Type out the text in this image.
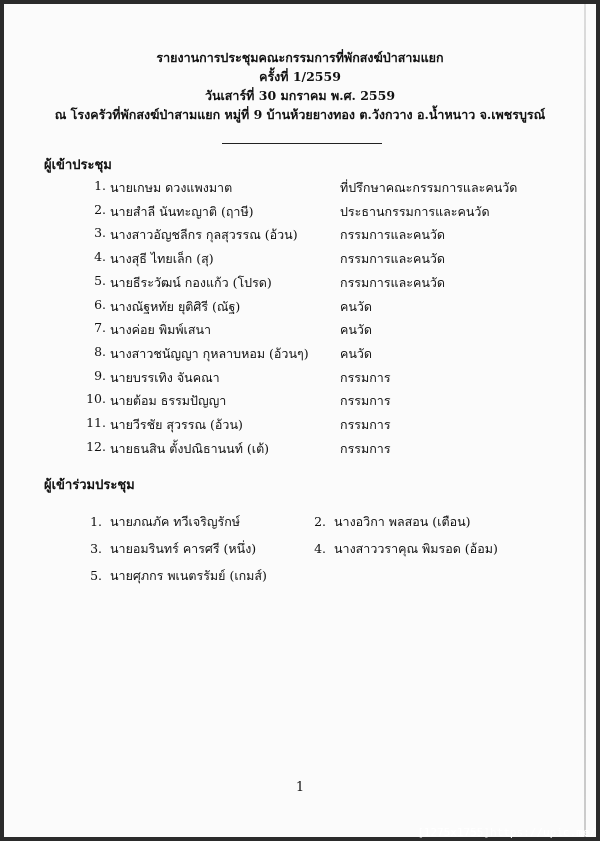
รายงานการประชุมคณะกรรมการที่พักสงฆ์ป่าสามแยก
ครั้งที่ 1/2559
วันเสาร์ที่ 30 มกราคม พ.ศ. 2559
ณ โรงครัวที่พักสงฆ์ป่าสามแยก หมู่ที่ 9 บ้านห้วยยางทอง ต.วังกวาง อ.น้ำหนาว จ.เพชรบูรณ์
ผู้เข้าประชุม
1. นายเกษม ดวงแพงมาต	ที่ปรึกษาคณะกรรมการและคนวัด
2. นายสำลี นันทะญาติ (ฤาษี)	ประธานกรรมการและคนวัด
3. นางสาวอัญชลีกร กุลสุวรรณ (อ้วน)	กรรมการและคนวัด
4. นางสุธี ไทยเล็ก (สุ)	กรรมการและคนวัด
5. นายธีระวัฒน์ กองแก้ว (โปรด)	กรรมการและคนวัด
6. นางณัฐหทัย ยุติศิรี (ณัฐ)	คนวัด
7. นางค่อย พิมพ์เสนา	คนวัด
8. นางสาวชนัญญา กุหลาบหอม (อ้วนๆ)	คนวัด
9. นายบรรเทิง จันคณา	กรรมการ
10. นายต้อม ธรรมปัญญา	กรรมการ
11. นายวีรชัย สุวรรณ (อ้วน)	กรรมการ
12. นายธนสิน ตั้งปณิธานนท์ (เต้)	กรรมการ
ผู้เข้าร่วมประชุม
1. นายภณภัค ทวีเจริญรักษ์	2. นางอวิกา พลสอน (เตือน)
3. นายอมรินทร์ คารศรี (หนึ่ง)	4. นางสาววราคุณ พิมรอด (อ้อม)
5. นายศุภกร พเนตรรัมย์ (เกมส์)
1
[1275x1755]https://upic.me/
